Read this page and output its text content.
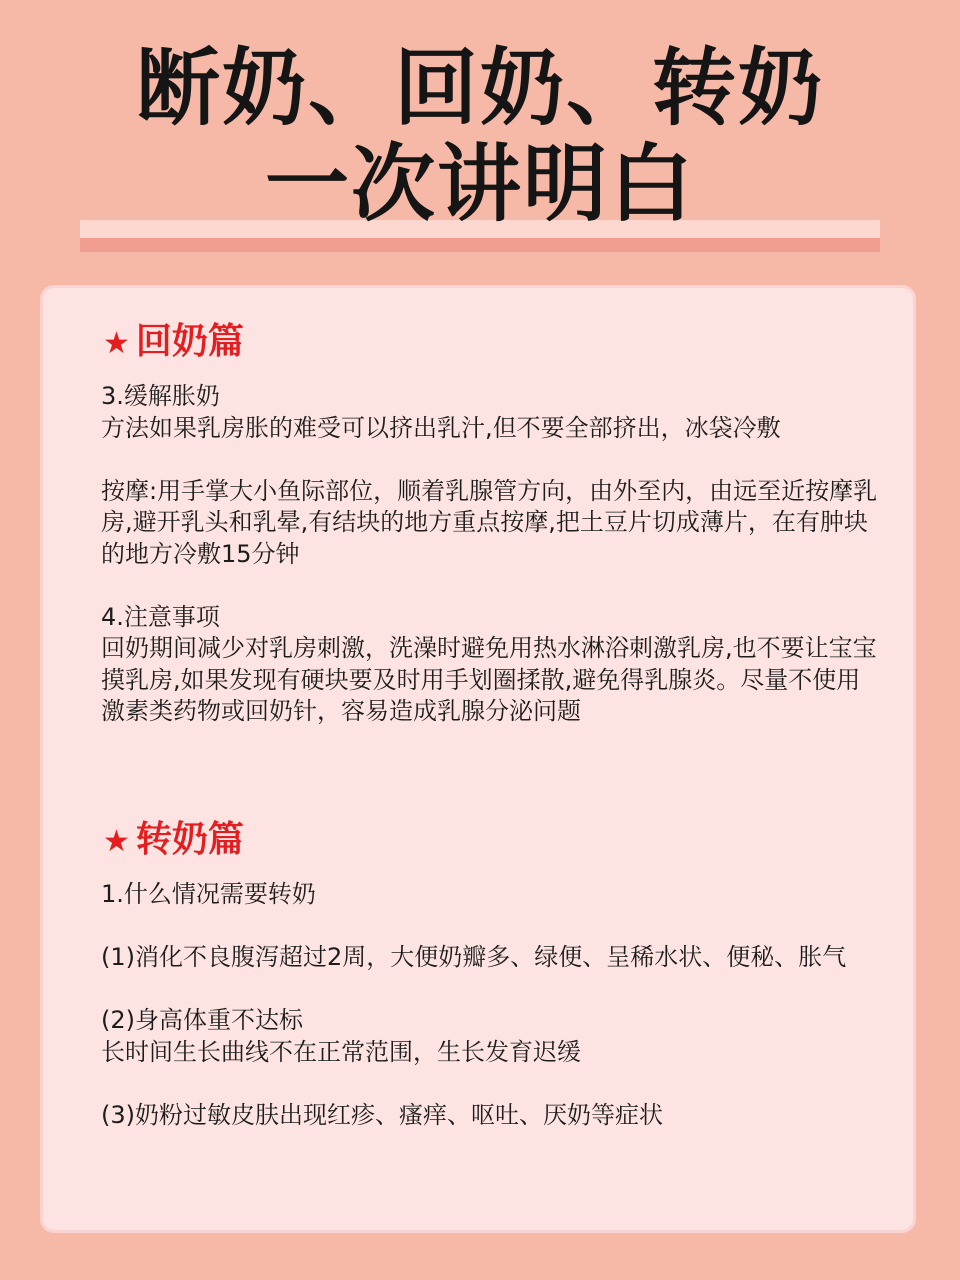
断奶、回奶、转奶
一次讲明白
★ 回奶篇

3.缓解胀奶

方法如果乳房胀的难受可以挤出乳汁,但不要全部挤出，冰袋冷敷

按摩:用手掌大小鱼际部位，顺着乳腺管方向，由外至内，由远至近按摩乳房,避开乳头和乳晕,有结块的地方重点按摩,把土豆片切成薄片，在有肿块的地方冷敷15分钟

4.注意事项

回奶期间减少对乳房刺激，洗澡时避免用热水淋浴刺激乳房,也不要让宝宝摸乳房,如果发现有硬块要及时用手划圈揉散,避免得乳腺炎。尽量不使用激素类药物或回奶针，容易造成乳腺分泌问题

★ 转奶篇

1.什么情况需要转奶

(1)消化不良腹泻超过2周，大便奶瓣多、绿便、呈稀水状、便秘、胀气

(2)身高体重不达标

长时间生长曲线不在正常范围，生长发育迟缓

(3)奶粉过敏皮肤出现红疹、瘙痒、呕吐、厌奶等症状
